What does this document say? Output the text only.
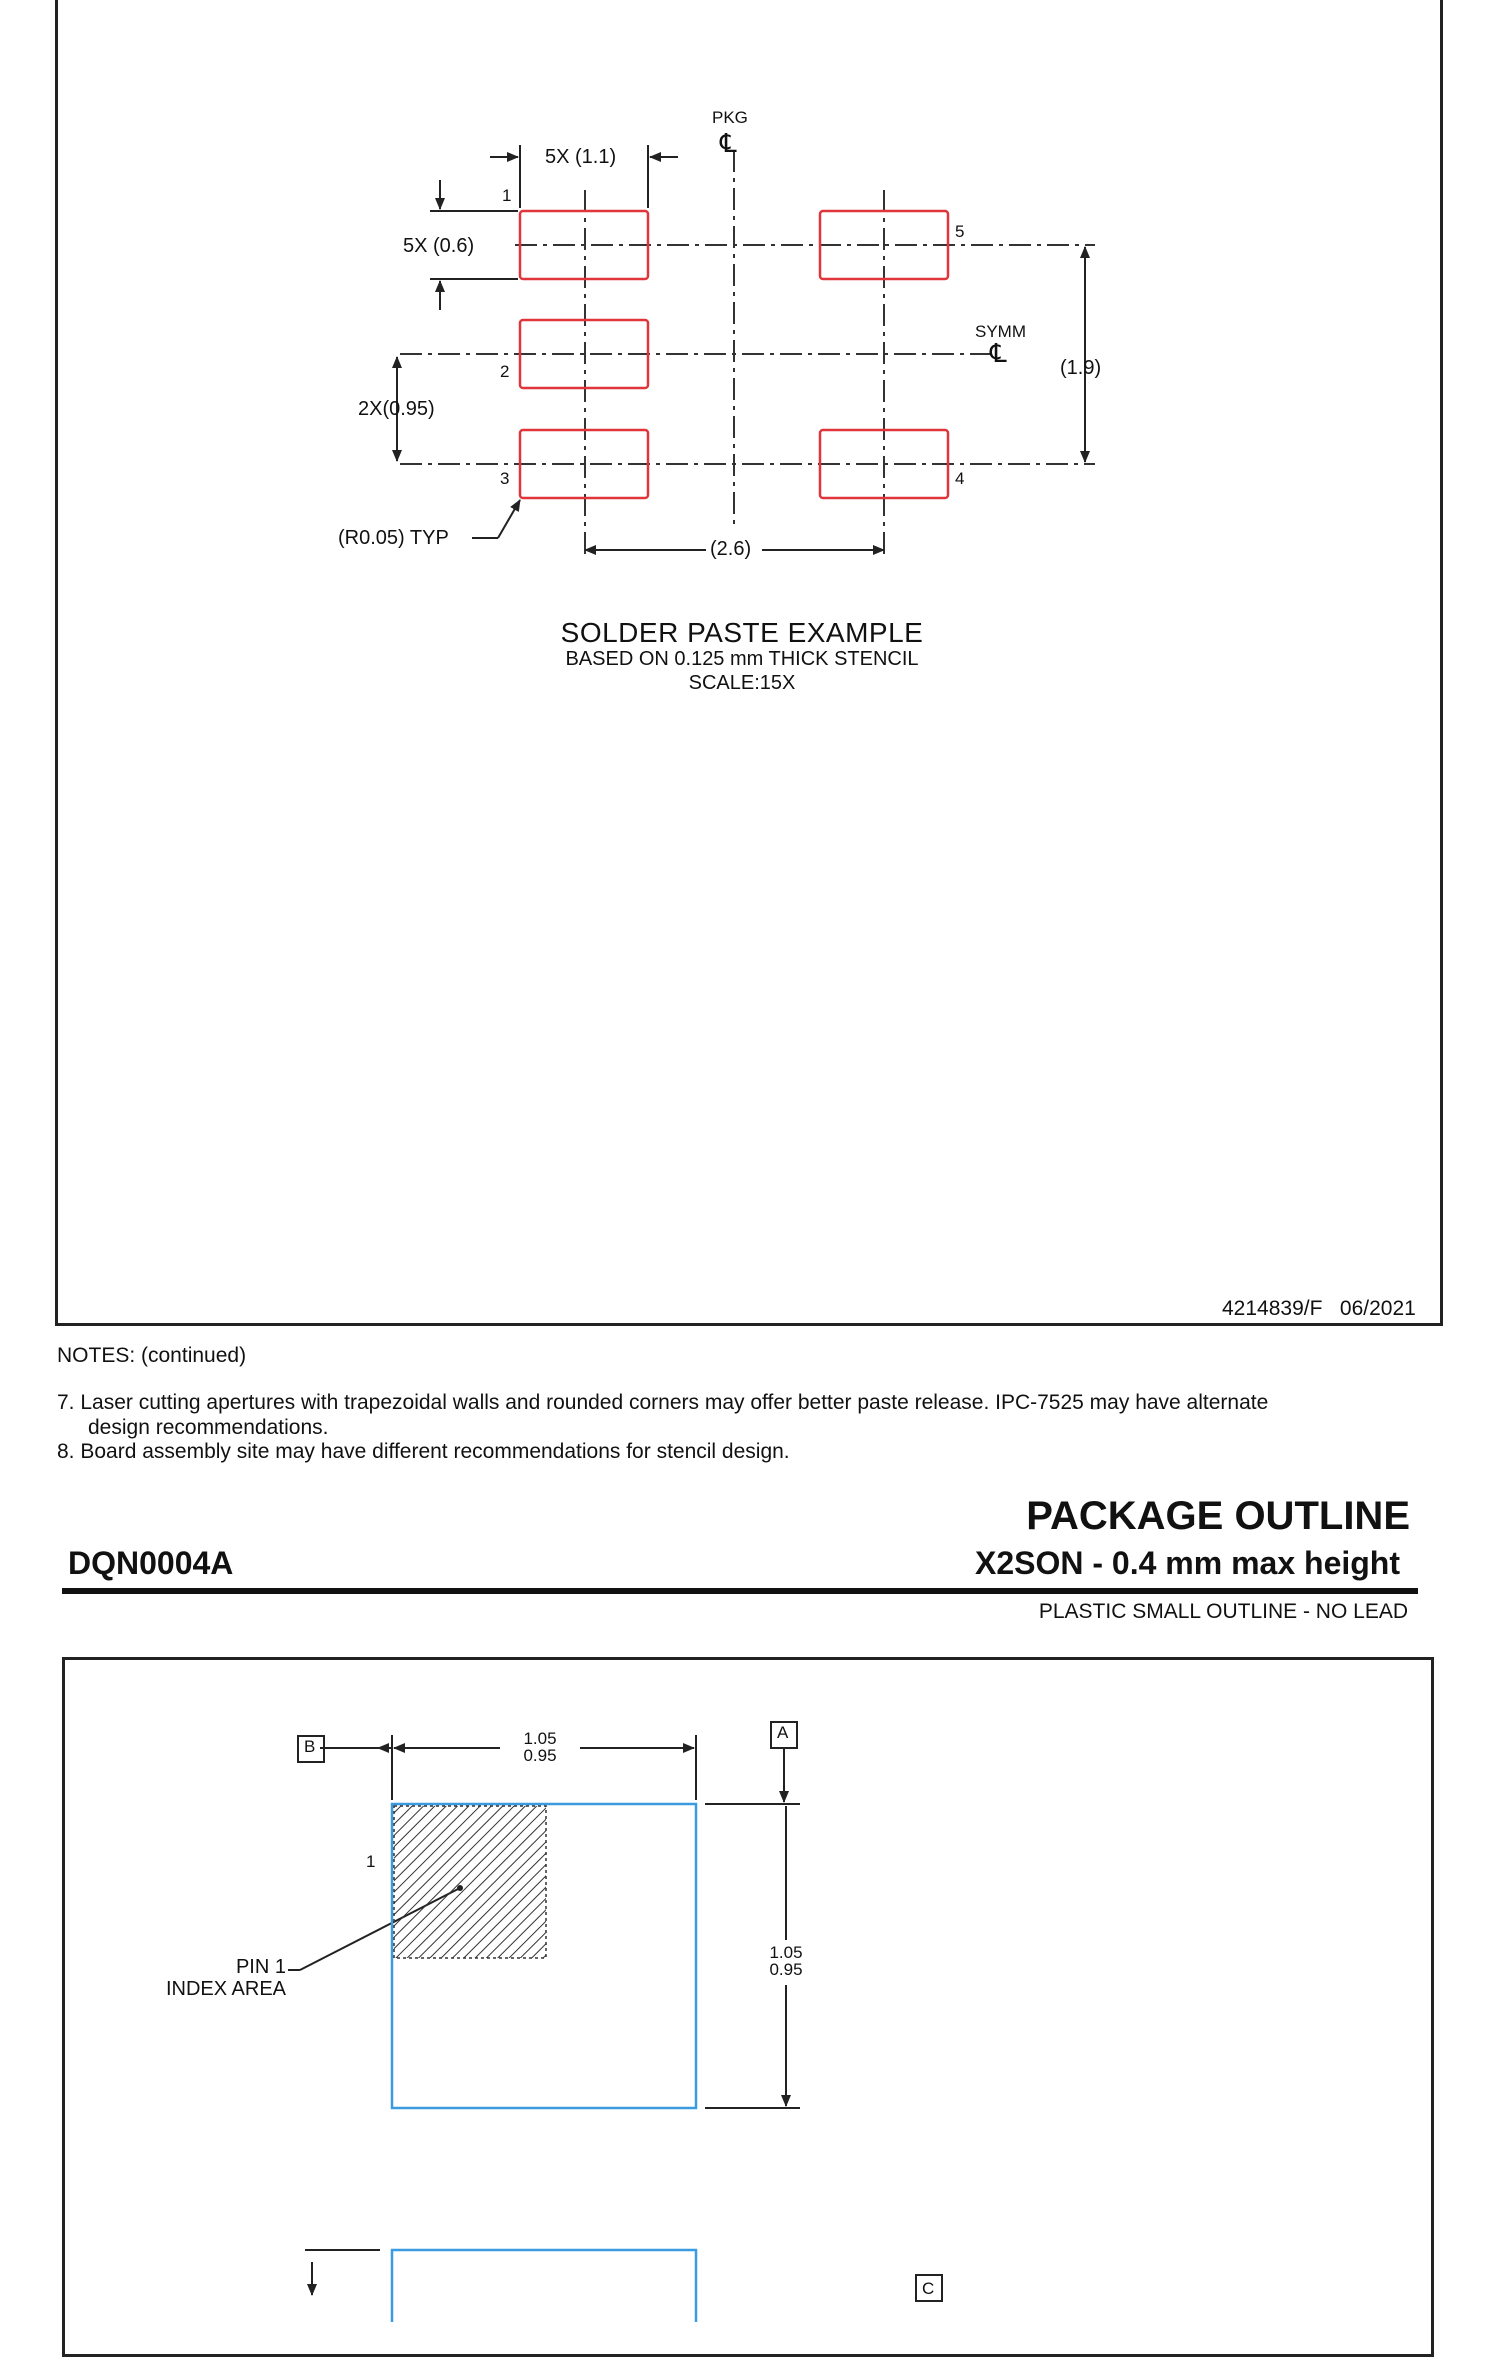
PKG
℄
5X (1.1)
5X (0.6)
2X(0.95)
(1.9)
(2.6)
(R0.05) TYP
SYMM
℄
1
2
3	4
5
SOLDER PASTE EXAMPLE
BASED ON 0.125 mm THICK STENCIL
SCALE:15X
4214839/F   06/2021
NOTES: (continued)
7. Laser cutting apertures with trapezoidal walls and rounded corners may offer better paste release. IPC-7525 may have alternate
design recommendations.
8. Board assembly site may have different recommendations for stencil design.
PACKAGE OUTLINE
DQN0004A	X2SON - 0.4 mm max height
PLASTIC SMALL OUTLINE - NO LEAD
B
A
C
1.05
0.95
1.05
0.95
1
PIN 1
INDEX AREA
